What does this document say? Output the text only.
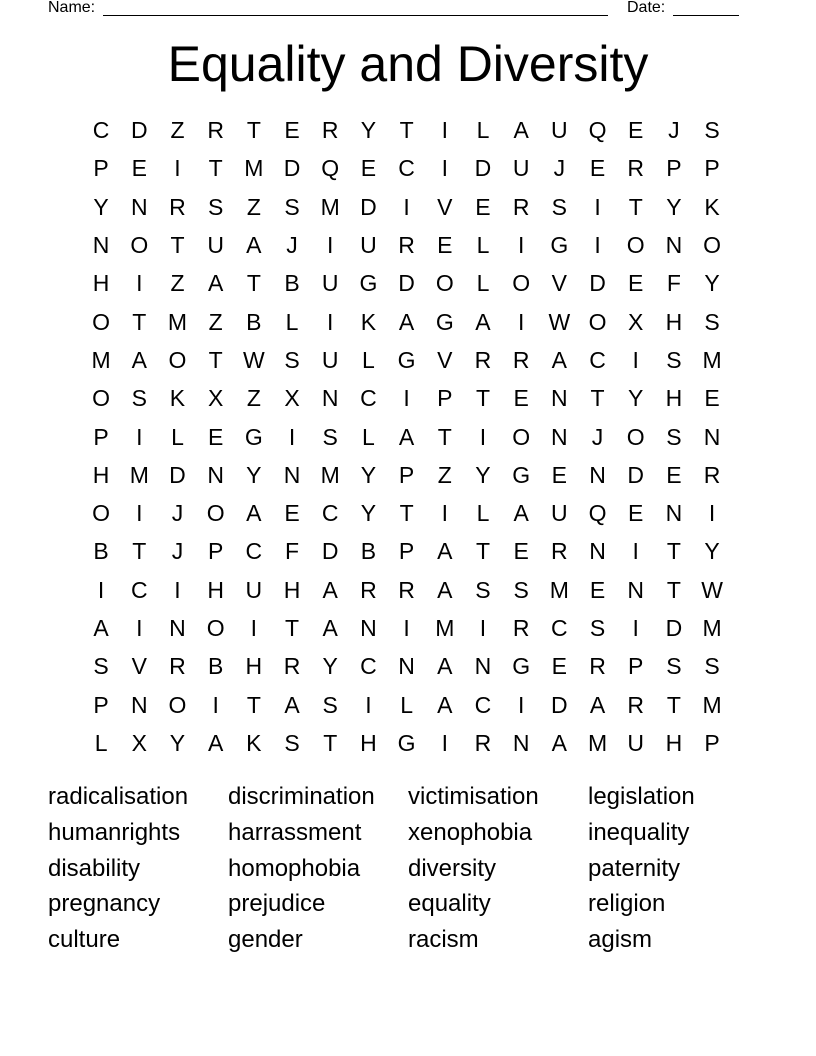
Name:	Date:
Equality and Diversity
C D Z R T	E R Y	T	I	L	A U Q E	J	S
P E	I	T M D Q E C	I	D U	J	E R P P
Y N R S	Z	S M D	I	V E R S	I	T	Y K
N O T U A	J	I	U R E	L	I	G	I	O N O
H	I	Z	A	T	B U G D O L O V D E	F	Y
O T M Z	B	L	I	K A G A	I	W O X H S
M A O T W S U	L G V R R A C	I	S M
O S K X	Z	X N C	I	P	T	E N T	Y H E
P	I	L	E G	I	S	L	A	T	I	O N	J	O S N
H M D N Y N M Y P	Z	Y G E N D E R
O	I	J	O A E C Y	T	I	L	A U Q E N	I
B	T	J	P C F D B P A	T	E R N	I	T	Y
I	C	I	H U H A R R A S S M E N T W
A	I	N O	I	T	A N	I	M	I	R C S	I	D M
S V R B H R Y C N A N G E R P S S
P N O	I	T	A S	I	L	A C	I	D A R T M
L	X Y A K S	T H G	I	R N A M U H P
radicalisation	discrimination	victimisation	legislation
humanrights	harrassment	xenophobia	inequality
disability	homophobia	diversity	paternity
pregnancy	prejudice	equality	religion
culture	gender	racism	agism
